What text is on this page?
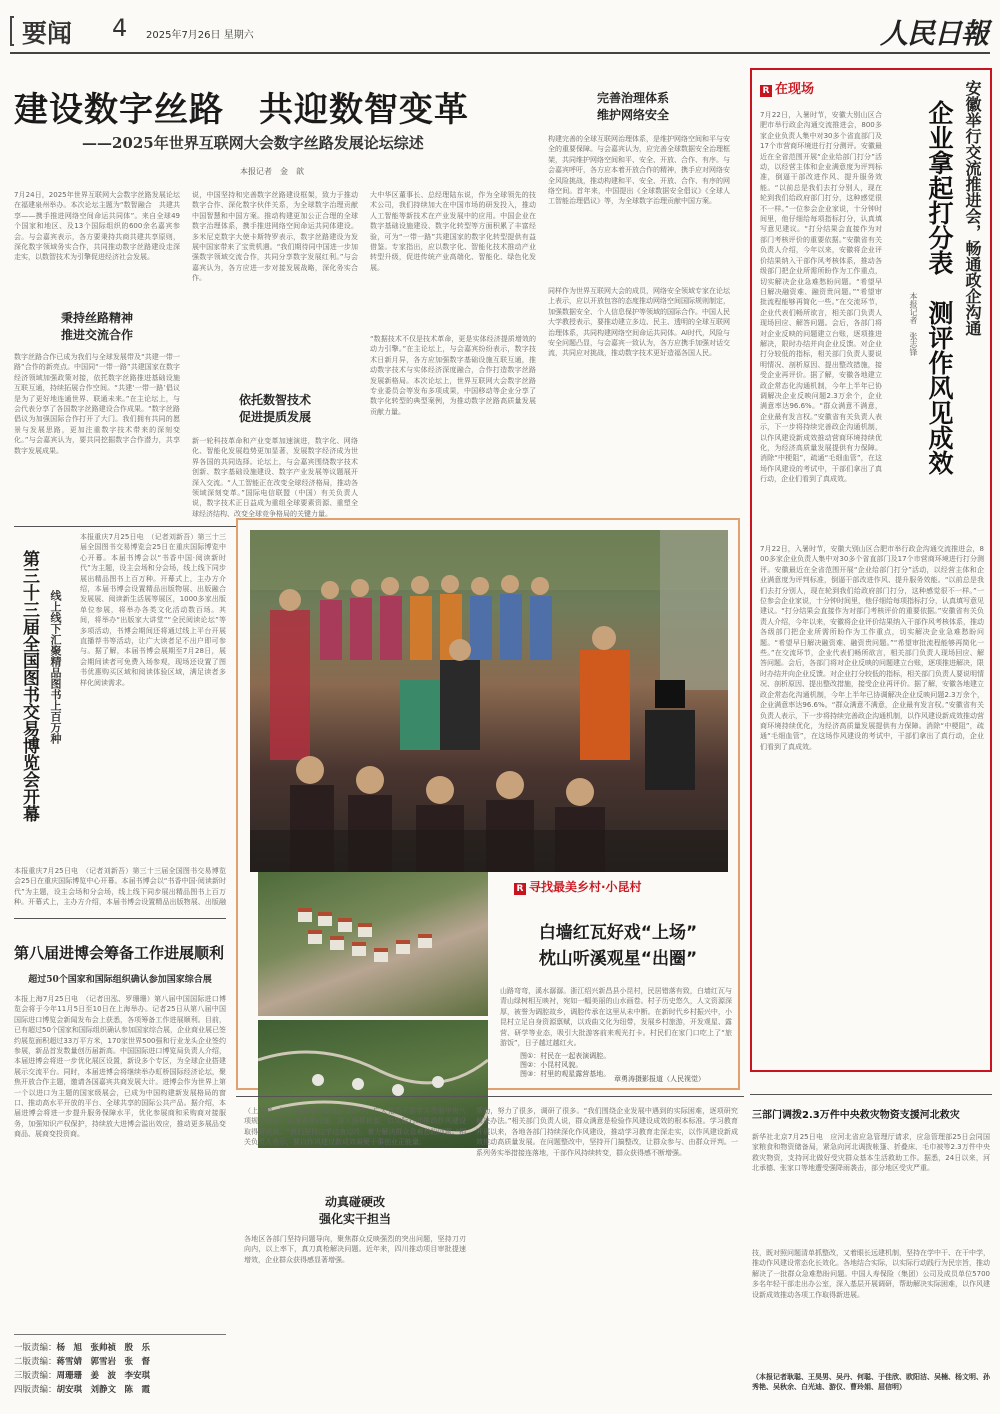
要闻 4 2025年7月26日 星期六	人民日報
建设数字丝路　共迎数智变革
——2025年世界互联网大会数字丝路发展论坛综述
本报记者　金　歆
7月24日，2025年世界互联网大会数字丝路发展论坛在福建泉州举办。本次论坛主题为“数智融合　共建共享——携手推进网络空间命运共同体”。来自全球49个国家和地区、及13个国际组织的600余名嘉宾参会。与会嘉宾表示，各方要秉持共商共建共享原则，深化数字领域务实合作，共同推动数字丝路建设走深走实，以数智技术为引擎促进经济社会发展。
秉持丝路精神
推进交流合作
数字丝路合作已成为我们与全球发展带及“共建一带一路”合作的新亮点。中国同“一带一路”共建国家在数字经济领域加强政策对接，依托数字丝路推进基础设施互联互通，持续拓展合作空间。“共建‘一带一路’倡议是为了更好地连通世界、联通未来。”在主论坛上，与会代表分享了各国数字丝路建设合作成果。“数字丝路倡议为加强国际合作打开了大门。我们拥有共同的愿景与发展思路，更加注重数字技术带来的深刻变化。”与会嘉宾认为，要共同挖掘数字合作潜力，共享数字发展成果。
说，中国坚持和完善数字丝路建设框架，致力于推动数字合作、深化数字伙伴关系，为全球数字治理贡献中国智慧和中国方案。推动构建更加公正合理的全球数字治理体系，携手推进网络空间命运共同体建设。多米尼克数字大使卡斯特罗表示，数字丝路建设为发展中国家带来了宝贵机遇。“我们期待同中国进一步加强数字领域交流合作，共同分享数字发展红利。”与会嘉宾认为，各方应进一步对接发展战略，深化务实合作。
依托数智技术
促进提质发展
新一轮科技革命和产业变革加速演进，数字化、网络化、智能化发展趋势更加显著，发展数字经济成为世界各国的共同选择。论坛上，与会嘉宾围绕数字技术创新、数字基础设施建设、数字产业发展等议题展开深入交流。“人工智能正在改变全球经济格局，推动各领域深刻变革。”国际电信联盟（中国）有关负责人说，数字技术正日益成为重组全球要素资源、重塑全球经济结构、改变全球竞争格局的关键力量。
大中华区董事长、总经理陆东说，作为全球领先的技术公司，我们持续加大在中国市场的研发投入，推动人工智能等新技术在产业发展中的应用。中国企业在数字基础设施建设、数字化转型等方面积累了丰富经验，可为“一带一路”共建国家的数字化转型提供有益借鉴。专家指出，应以数字化、智能化技术推动产业转型升级，促进传统产业高端化、智能化、绿色化发展。
“数据技术不仅是技术革命，更是实体经济提质增效的动力引擎。”在主论坛上，与会嘉宾纷纷表示，数字技术日新月异，各方应加强数字基础设施互联互通，推动数字技术与实体经济深度融合，合作打造数字丝路发展新格局。本次论坛上，世界互联网大会数字丝路专业委员会等发布多项成果，中国移动等企业分享了数字化转型的典型案例，为推动数字丝路高质量发展贡献力量。
完善治理体系
维护网络安全
构建完善的全球互联网治理体系，是维护网络空间和平与安全的重要保障。与会嘉宾认为，应完善全球数据安全治理框架，共同维护网络空间和平、安全、开放、合作、有序。与会嘉宾呼吁，各方应本着开放合作的精神，携手应对网络安全风险挑战，推动构建和平、安全、开放、合作、有序的网络空间。首年来，中国提出《全球数据安全倡议》《全球人工智能治理倡议》等，为全球数字治理贡献中国方案。
同样作为世界互联网大会的成员，网络安全领域专家在论坛上表示，应以开放包容的态度推动网络空间国际规则制定，加强数据安全、个人信息保护等领域的国际合作。中国人民大学教授表示，要推动建立多边、民主、透明的全球互联网治理体系，共同构建网络空间命运共同体。AI时代，风险与安全问题凸显，与会嘉宾一致认为，各方应携手加强对话交流，共同应对挑战，推动数字技术更好造福各国人民。
R 在现场	安徽举行交流推进会，畅通政企沟通
企业拿起打分表　测评作风见成效
本报记者　张志锋
7月22日，入暑时节，安徽大别山区合肥市举行政企沟通交流推进会，800多家企业负责人集中对30多个省直部门及17个市营商环境进行打分测评。安徽最近在全省范围开展“企业给部门打分”活动，以经营主体和企业满意度为评判标准，倒逼干部改进作风、提升服务效能。“以前总是我们去打分别人，现在轮到我们给政府部门打分，这种感觉很不一样。”一位参会企业家说，十分钟时间里，他仔细给每项指标打分，认真填写意见建议。“打分结果会直接作为对部门考核评价的重要依据。”安徽省有关负责人介绍，今年以来，安徽将企业评价结果纳入干部作风考核体系，推动各级部门把企业所需所盼作为工作重点，切实解决企业急难愁盼问题。“希望早日解决融资难、融资贵问题。”“希望审批流程能够再简化一些。”在交流环节，企业代表们畅所欲言，相关部门负责人现场回应、解答问题。会后，各部门将对企业反映的问题建立台账，逐项推进解决，限时办结并向企业反馈。对企业打分较低的指标，相关部门负责人要说明情况、剖析原因、提出整改措施，接受企业再评价。据了解，安徽各地建立政企常态化沟通机制，今年上半年已协调解决企业反映问题2.3万余个，企业满意率达96.6%。“群众满意不满意，企业最有发言权。”安徽省有关负责人表示，下一步将持续完善政企沟通机制，以作风建设新成效推动营商环境持续优化，为经济高质量发展提供有力保障。消除“中梗阻”，疏通“毛细血管”，在这场作风建设的考试中，干部们拿出了真行动，企业们看到了真成效。
7月22日，入暑时节，安徽大别山区合肥市举行政企沟通交流推进会，800多家企业负责人集中对30多个省直部门及17个市营商环境进行打分测评。安徽最近在全省范围开展“企业给部门打分”活动，以经营主体和企业满意度为评判标准，倒逼干部改进作风、提升服务效能。“以前总是我们去打分别人，现在轮到我们给政府部门打分，这种感觉很不一样。”一位参会企业家说，十分钟时间里，他仔细给每项指标打分，认真填写意见建议。“打分结果会直接作为对部门考核评价的重要依据。”安徽省有关负责人介绍，今年以来，安徽将企业评价结果纳入干部作风考核体系，推动各级部门把企业所需所盼作为工作重点，切实解决企业急难愁盼问题。“希望早日解决融资难、融资贵问题。”“希望审批流程能够再简化一些。”在交流环节，企业代表们畅所欲言，相关部门负责人现场回应、解答问题。会后，各部门将对企业反映的问题建立台账，逐项推进解决，限时办结并向企业反馈。对企业打分较低的指标，相关部门负责人要说明情况、剖析原因、提出整改措施，接受企业再评价。据了解，安徽各地建立政企常态化沟通机制，今年上半年已协调解决企业反映问题2.3万余个，企业满意率达96.6%。“群众满意不满意，企业最有发言权。”安徽省有关负责人表示，下一步将持续完善政企沟通机制，以作风建设新成效推动营商环境持续优化，为经济高质量发展提供有力保障。消除“中梗阻”，疏通“毛细血管”，在这场作风建设的考试中，干部们拿出了真行动，企业们看到了真成效。
第三十三届全国图书交易博览会开幕 线上线下汇聚精品图书上百万种
本报重庆7月25日电　（记者刘新吾）第三十三届全国图书交易博览会25日在重庆国际博览中心开幕。本届书博会以“书香中国·阅读新时代”为主题，设主会场和分会场，线上线下同步展出精品图书上百万种。开幕式上，主办方介绍，本届书博会设置精品出版物展、出版融合发展展、阅读新生活展等展区，1000多家出版单位参展，将举办各类文化活动数百场。其间，将举办“出版家大讲堂”“全民阅读论坛”等多项活动，书博会期间还将通过线上平台开展直播荐书等活动，让广大读者足不出户即可参与。据了解，本届书博会展期至7月28日，展会期间读者可免费入场参观，现场还设置了图书优惠购买区域和阅读体验区域，满足读者多样化阅读需求。
本报重庆7月25日电　（记者刘新吾）第三十三届全国图书交易博览会25日在重庆国际博览中心开幕。本届书博会以“书香中国·阅读新时代”为主题，设主会场和分会场，线上线下同步展出精品图书上百万种。开幕式上，主办方介绍，本届书博会设置精品出版物展、出版融
第八届进博会筹备工作进展顺利
超过50个国家和国际组织确认参加国家综合展
本报上海7月25日电　（记者田泓、罗珊珊）第八届中国国际进口博览会将于今年11月5日至10日在上海举办。记者25日从第八届中国国际进口博览会新闻发布会上获悉，各项筹备工作进展顺利。目前，已有超过50个国家和国际组织确认参加国家综合展，企业商业展已签约展览面积超过33万平方米，170家世界500强和行业龙头企业签约参展，新品首发数量创历届新高。中国国际进口博览局负责人介绍，本届进博会将进一步优化展区设置，新设多个专区，为全球企业搭建展示交流平台。同时，本届进博会将继续举办虹桥国际经济论坛，聚焦开放合作主题，邀请各国嘉宾共商发展大计。进博会作为世界上第一个以进口为主题的国家级展会，已成为中国构建新发展格局的窗口、推动高水平开放的平台、全球共享的国际公共产品。据介绍，本届进博会将进一步提升服务保障水平，优化参展商和采购商对接服务，加强知识产权保护，持续放大进博会溢出效应，推动更多展品变商品、展商变投资商。
R 寻找最美乡村·小昆村
白墙红瓦好戏“上场”
枕山听溪观星“出圈”
山路弯弯，溪水潺潺。浙江绍兴新昌县小昆村，民居错落有致，白墙红瓦与青山绿树相互映衬，宛如一幅美丽的山水画卷。村子历史悠久，人文资源深厚，被誉为调腔故乡，调腔传承在这里从未中断。在新时代乡村振兴中，小昆村立足自身资源禀赋，以戏曲文化为纽带，发展乡村旅游，开发观星、露营、研学等业态，吸引大批游客前来观光打卡。村民们在家门口吃上了“旅游饭”，日子越过越红火。
图①：村民在一起表演调腔。
图②：小昆村风貌。
图③：村里的观星露营基地。
章勇涛摄影报道（人民视觉）
三部门调拨2.3万件中央救灾物资支援河北救灾
新华社北京7月25日电　应河北省应急管理厅请求，应急管理部25日会同国家粮食和物资储备局，紧急向河北调拨帐篷、折叠床、毛巾被等2.3万件中央救灾物资，支持河北做好受灾群众基本生活救助工作。据悉，24日以来，河北承德、张家口等地遭受强降雨袭击，部分地区受灾严重。
（上接第一版）开展作风建设的活动中，广大党员干部学习贯彻中央八项规定精神，认真查摆问题、深入剖析根源，以实际行动推动作风建设取得新成效。“我们坚持边学边查边改，着力解决群众急难愁盼问题。”相关负责人表示，要以作风建设新成效凝聚干事创业正能量。
动真碰硬改
强化实干担当
各地区各部门坚持问题导向，聚焦群众反映强烈的突出问题，坚持刀刃向内，以上率下，真刀真枪解决问题。近年来，四川推动项目审批提速增效，企业群众获得感显著增强。
帮助，努力了很多，调研了很多。“我们围绕企业发展中遇到的实际困难，逐项研究解决办法。”相关部门负责人说，群众满意是检验作风建设成效的根本标准。学习教育开展以来，各地各部门持续深化作风建设，推动学习教育走深走实，以作风建设新成效推动高质量发展。在问题整改中，坚持开门搞整改，让群众参与、由群众评判。一系列务实举措接连落地，干部作风持续转变，群众获得感不断增强。
技，既对照问题清单抓整改，又着眼长远建机制，坚持在学中干、在干中学，推动作风建设常态化长效化。各地结合实际，以实际行动践行为民宗旨，推动解决了一批群众急难愁盼问题。中国人寿保险（集团）公司及成员单位5700多名年轻干部走出办公室，深入基层开展调研，帮助解决实际困难，以作风建设新成效推动各项工作取得新进展。
（本报记者耿聪、王昊男、吴丹、何聪、于佳欣、欧阳洁、吴楠、杨文明、孙秀艳、吴秋余、白光迪、游仪、曹玲娟、屈信明）
一版责编：杨　旭　张帅祯　殷　乐
二版责编：蒋雪婧　郭雪岩　张　督
三版责编：周珊珊　姜　波　李安琪
四版责编：胡安琪　刘静文　陈　霞
